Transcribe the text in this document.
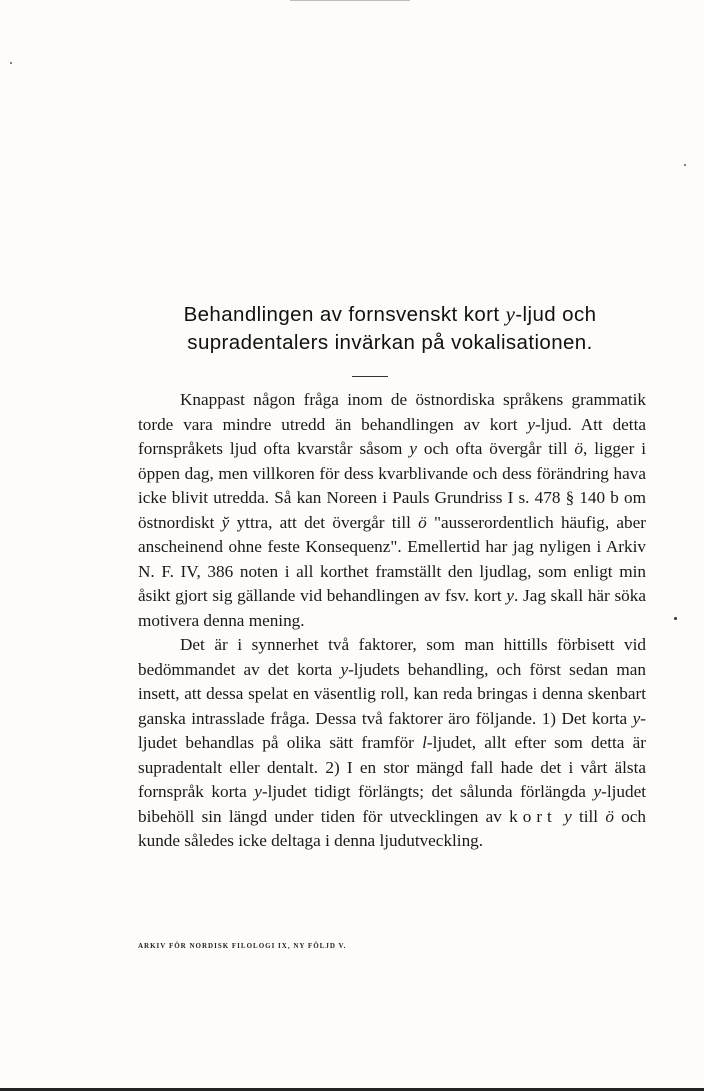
Behandlingen av fornsvenskt kort y-ljud och
supradentalers invärkan på vokalisationen.

Knappast någon fråga inom de östnordiska språkens grammatik torde vara mindre utredd än behandlingen av kort y-ljud. Att detta fornspråkets ljud ofta kvarstår såsom y och ofta övergår till ö, ligger i öppen dag, men villkoren för dess kvarblivande och dess förändring hava icke blivit utredda. Så kan Noreen i Pauls Grundriss I s. 478 § 140 b om östnordiskt y̆ yttra, att det övergår till ö "ausserordentlich häufig, aber anscheinend ohne feste Konsequenz". Emellertid har jag nyligen i Arkiv N. F. IV, 386 noten i all korthet framställt den ljudlag, som enligt min åsikt gjort sig gällande vid behandlingen av fsv. kort y. Jag skall här söka motivera denna mening.

Det är i synnerhet två faktorer, som man hittills förbisett vid bedömmandet av det korta y-ljudets behandling, och först sedan man insett, att dessa spelat en väsentlig roll, kan reda bringas i denna skenbart ganska intrasslade fråga. Dessa två faktorer äro följande. 1) Det korta y-ljudet behandlas på olika sätt framför l-ljudet, allt efter som detta är supradentalt eller dentalt. 2) I en stor mängd fall hade det i vårt älsta fornspråk korta y-ljudet tidigt förlängts; det sålunda förlängda y-ljudet bibehöll sin längd under tiden för utvecklingen av kort y till ö och kunde således icke deltaga i denna ljudutveckling.

ARKIV FÖR NORDISK FILOLOGI IX, NY FÖLJD V.
